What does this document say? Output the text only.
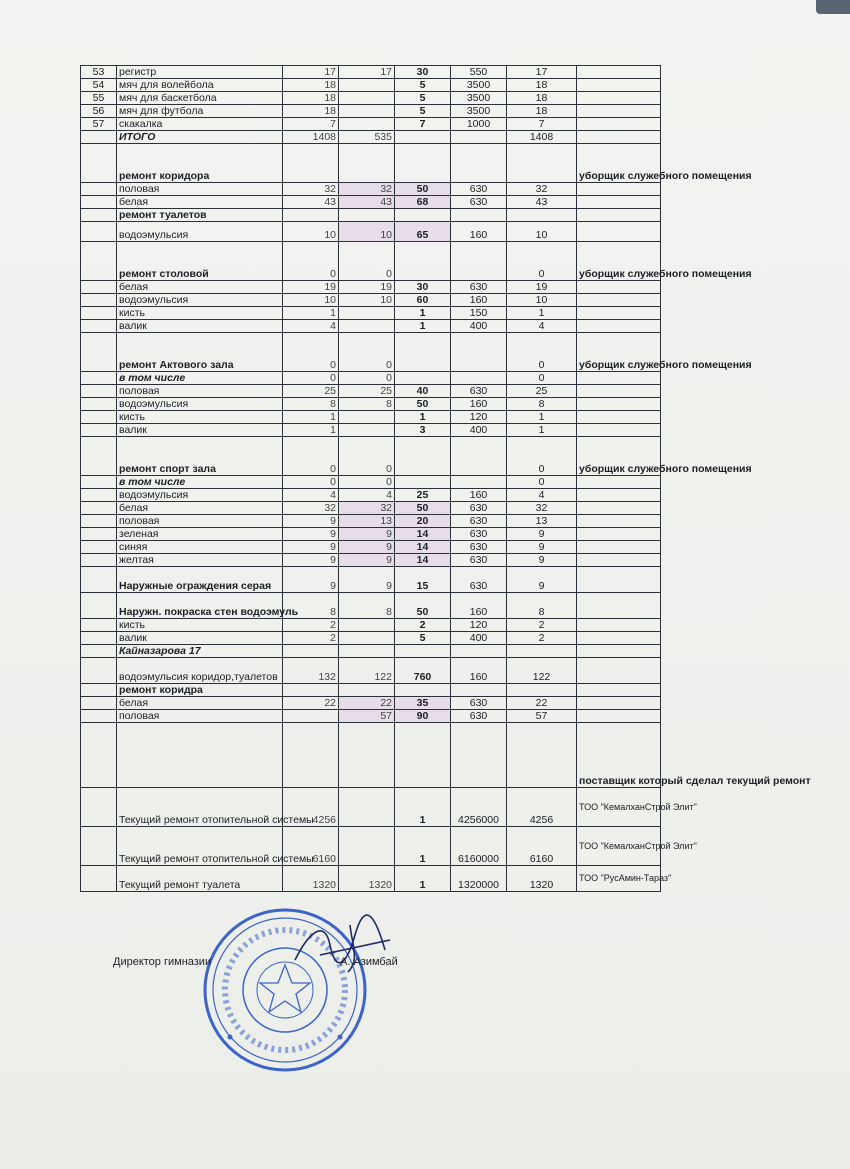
53	регистр	17	17	30	550	17	
54	мяч для волейбола	18		5	3500	18	
55	мяч для баскетбола	18		5	3500	18	
56	мяч для футбола	18		5	3500	18	
57	скакалка	7		7	1000	7	
	ИТОГО	1408	535			1408	
	ремонт коридора						уборщик служебного помещения
	половая	32	32	50	630	32	
	белая	43	43	68	630	43	
	ремонт туалетов						
	водоэмульсия	10	10	65	160	10	
	ремонт столовой	0	0			0	уборщик служебного помещения
	белая	19	19	30	630	19	
	водоэмульсия	10	10	60	160	10	
	кисть	1		1	150	1	
	валик	4		1	400	4	
	ремонт Актового зала	0	0			0	уборщик служебного помещения
	в том числе	0	0			0	
	половая	25	25	40	630	25	
	водоэмульсия	8	8	50	160	8	
	кисть	1		1	120	1	
	валик	1		3	400	1	
	ремонт спорт зала	0	0			0	уборщик служебного помещения
	в том числе	0	0			0	
	водоэмульсия	4	4	25	160	4	
	белая	32	32	50	630	32	
	половая	9	13	20	630	13	
	зеленая	9	9	14	630	9	
	синяя	9	9	14	630	9	
	желтая	9	9	14	630	9	
	Наружные ограждения серая	9	9	15	630	9	
	Наружн. покраска стен водоэмуль	8	8	50	160	8	
	кисть	2		2	120	2	
	валик	2		5	400	2	
	Кайназарова 17						
	водоэмульсия коридор,туалетов	132	122	760	160	122	
	ремонт коридра						
	белая	22	22	35	630	22	
	половая		57	90	630	57	
							поставщик который сделал текущий ремонт
	Текущий ремонт отопительной системы	4256		1	4256000	4256	ТОО "КемалханСтрой Элит"
	Текущий ремонт отопительной системы	6160		1	6160000	6160	ТОО "КемалханСтрой Элит"
	Текущий ремонт туалета	1320	1320	1	1320000	1320	ТОО "РусАмин-Тараз"
Директор гимназии	А. Азимбай
